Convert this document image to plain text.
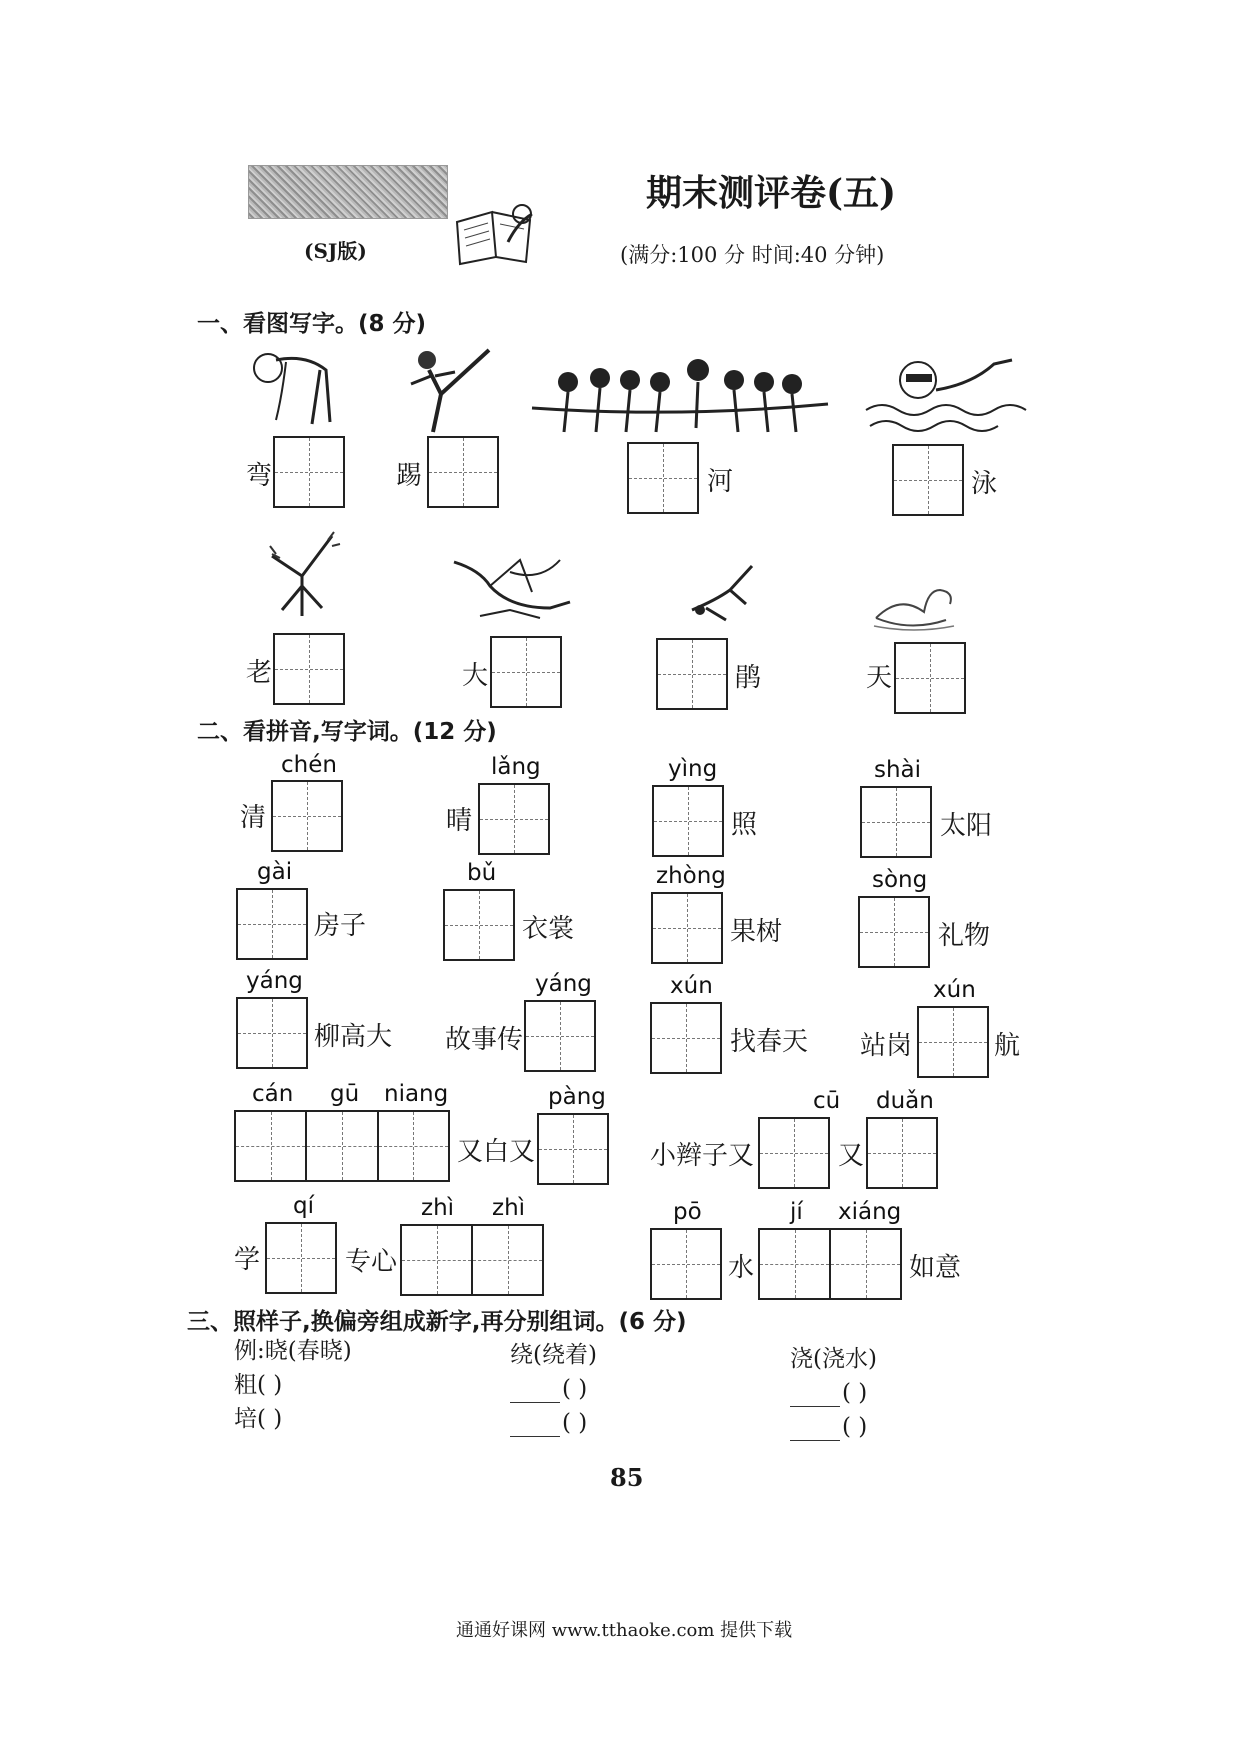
(SJ版)
期末测评卷(五)
(满分:100 分 时间:40 分钟)
一、看图写字。(8 分)
弯	踢	河	泳
老	大	鹃	天
二、看拼音,写字词。(12 分)
chén
清
lǎng
晴
yìng
照
shài
太阳
gài
房子
bǔ
衣裳
zhòng
果树
sòng
礼物
yáng
柳高大
yáng
故事传
xún
找春天
xún
站岗	航
cán gū niang
又白又
pàng
小辫子又
cū
又
duǎn
qí
学	专心
zhì zhì	pō
水
jí xiáng
如意
三、照样子,换偏旁组成新字,再分别组词。(6 分)
例:晓(春晓)
粗( )
培( )
绕(绕着)
( )
( )
浇(浇水)
( )
( )
85
通通好课网 www.tthaoke.com 提供下载
